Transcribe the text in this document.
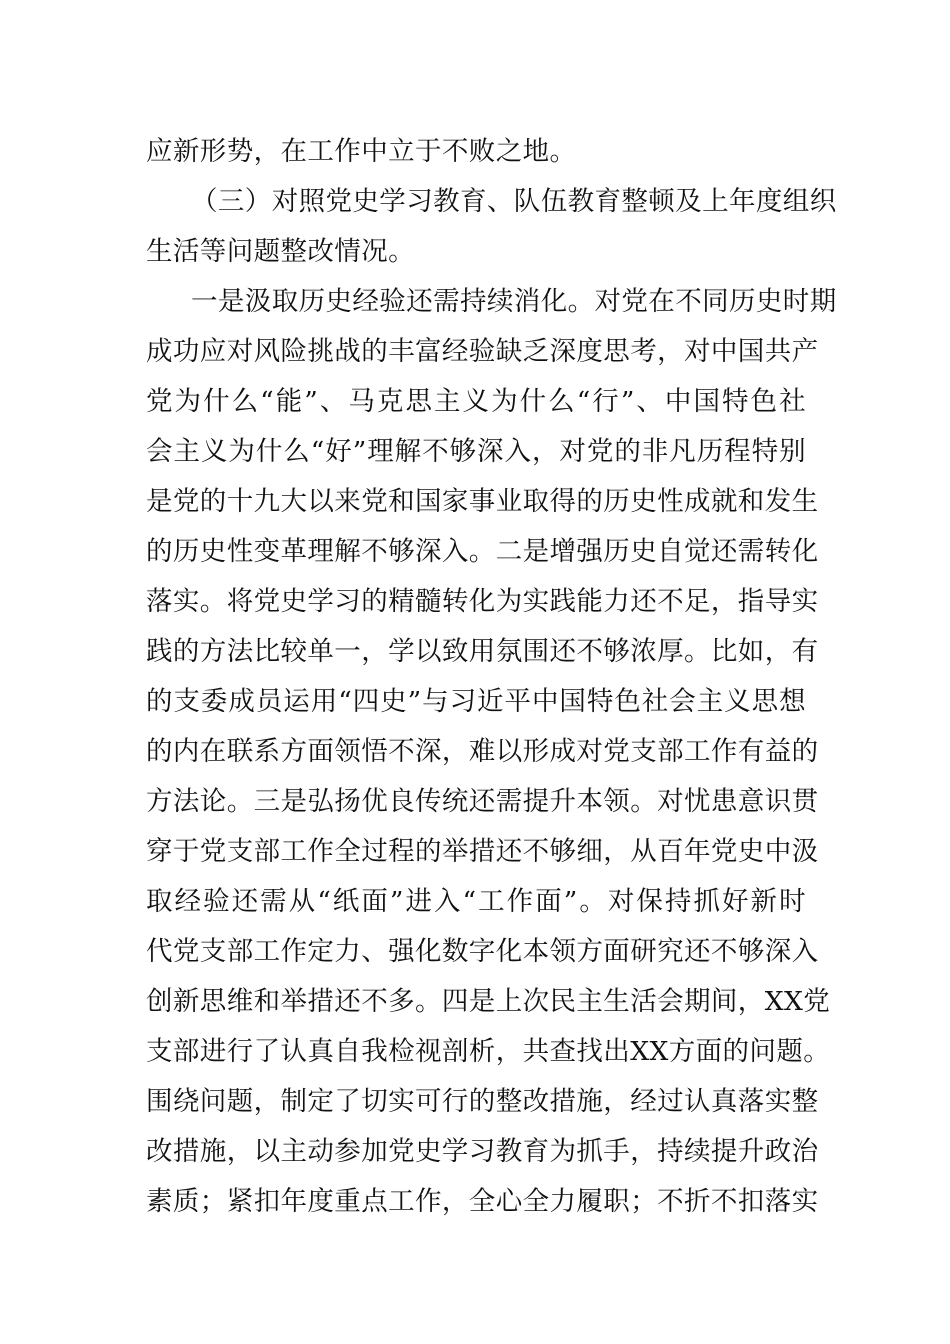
应新形势，在工作中立于不败之地。
（三）对照党史学习教育、队伍教育整顿及上年度组织
生活等问题整改情况。
一是汲取历史经验还需持续消化。对党在不同历史时期
成功应对风险挑战的丰富经验缺乏深度思考，对中国共产
党为什么“能”、马克思主义为什么“行”、中国特色社
会主义为什么“好”理解不够深入，对党的非凡历程特别
是党的十九大以来党和国家事业取得的历史性成就和发生
的历史性变革理解不够深入。二是增强历史自觉还需转化
落实。将党史学习的精髓转化为实践能力还不足，指导实
践的方法比较单一，学以致用氛围还不够浓厚。比如，有
的支委成员运用“四史”与习近平中国特色社会主义思想
的内在联系方面领悟不深，难以形成对党支部工作有益的
方法论。三是弘扬优良传统还需提升本领。对忧患意识贯
穿于党支部工作全过程的举措还不够细，从百年党史中汲
取经验还需从“纸面”进入“工作面”。对保持抓好新时
代党支部工作定力、强化数字化本领方面研究还不够深入
创新思维和举措还不多。四是上次民主生活会期间，XX党
支部进行了认真自我检视剖析，共查找出XX方面的问题。
围绕问题，制定了切实可行的整改措施，经过认真落实整
改措施，以主动参加党史学习教育为抓手，持续提升政治
素质；紧扣年度重点工作，全心全力履职；不折不扣落实
